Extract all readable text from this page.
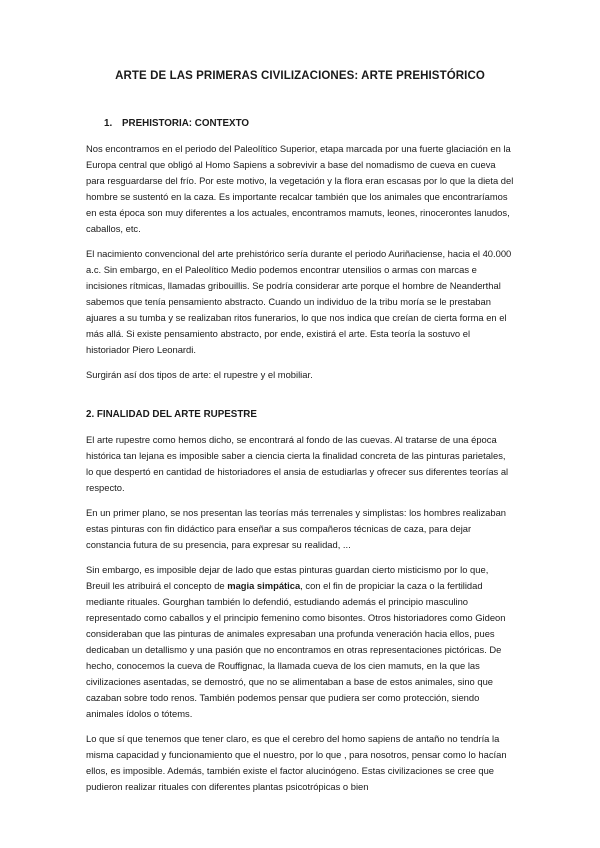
ARTE DE LAS PRIMERAS CIVILIZACIONES: ARTE PREHISTÓRICO
1. PREHISTORIA: CONTEXTO

Nos encontramos en el periodo del Paleolítico Superior, etapa marcada por una fuerte glaciación en la Europa central que obligó al Homo Sapiens a sobrevivir a base del nomadismo de cueva en cueva para resguardarse del frío. Por este motivo, la vegetación y la flora eran escasas por lo que la dieta del hombre se sustentó en la caza. Es importante recalcar también que los animales que encontraríamos en esta época son muy diferentes a los actuales, encontramos mamuts, leones, rinocerontes lanudos, caballos, etc.

El nacimiento convencional del arte prehistórico sería durante el periodo Auriñaciense, hacia el 40.000 a.c. Sin embargo, en el Paleolítico Medio podemos encontrar utensilios o armas con marcas e incisiones rítmicas, llamadas gribouillis. Se podría considerar arte porque el hombre de Neanderthal sabemos que tenía pensamiento abstracto. Cuando un individuo de la tribu moría se le prestaban ajuares a su tumba y se realizaban ritos funerarios, lo que nos indica que creían de cierta forma en el más allá. Si existe pensamiento abstracto, por ende, existirá el arte. Esta teoría la sostuvo el historiador Piero Leonardi.

Surgirán así dos tipos de arte: el rupestre y el mobiliar.

2. FINALIDAD DEL ARTE RUPESTRE

El arte rupestre como hemos dicho, se encontrará al fondo de las cuevas. Al tratarse de una época histórica tan lejana es imposible saber a ciencia cierta la finalidad concreta de las pinturas parietales, lo que despertó en cantidad de historiadores el ansia de estudiarlas y ofrecer sus diferentes teorías al respecto.

En un primer plano, se nos presentan las teorías más terrenales y simplistas: los hombres realizaban estas pinturas con fin didáctico para enseñar a sus compañeros técnicas de caza, para dejar constancia futura de su presencia, para expresar su realidad, ...

Sin embargo, es imposible dejar de lado que estas pinturas guardan cierto misticismo por lo que, Breuil les atribuirá el concepto de magia simpática, con el fin de propiciar la caza o la fertilidad mediante rituales. Gourghan también lo defendió, estudiando además el principio masculino representado como caballos y el principio femenino como bisontes. Otros historiadores como Gideon consideraban que las pinturas de animales expresaban una profunda veneración hacia ellos, pues dedicaban un detallismo y una pasión que no encontramos en otras representaciones pictóricas. De hecho, conocemos la cueva de Rouffignac, la llamada cueva de los cien mamuts, en la que las civilizaciones asentadas, se demostró, que no se alimentaban a base de estos animales, sino que cazaban sobre todo renos. También podemos pensar que pudiera ser como protección, siendo animales ídolos o tótems.

Lo que sí que tenemos que tener claro, es que el cerebro del homo sapiens de antaño no tendría la misma capacidad y funcionamiento que el nuestro, por lo que , para nosotros, pensar como lo hacían ellos, es imposible. Además, también existe el factor alucinógeno. Estas civilizaciones se cree que pudieron realizar rituales con diferentes plantas psicotrópicas o bien
